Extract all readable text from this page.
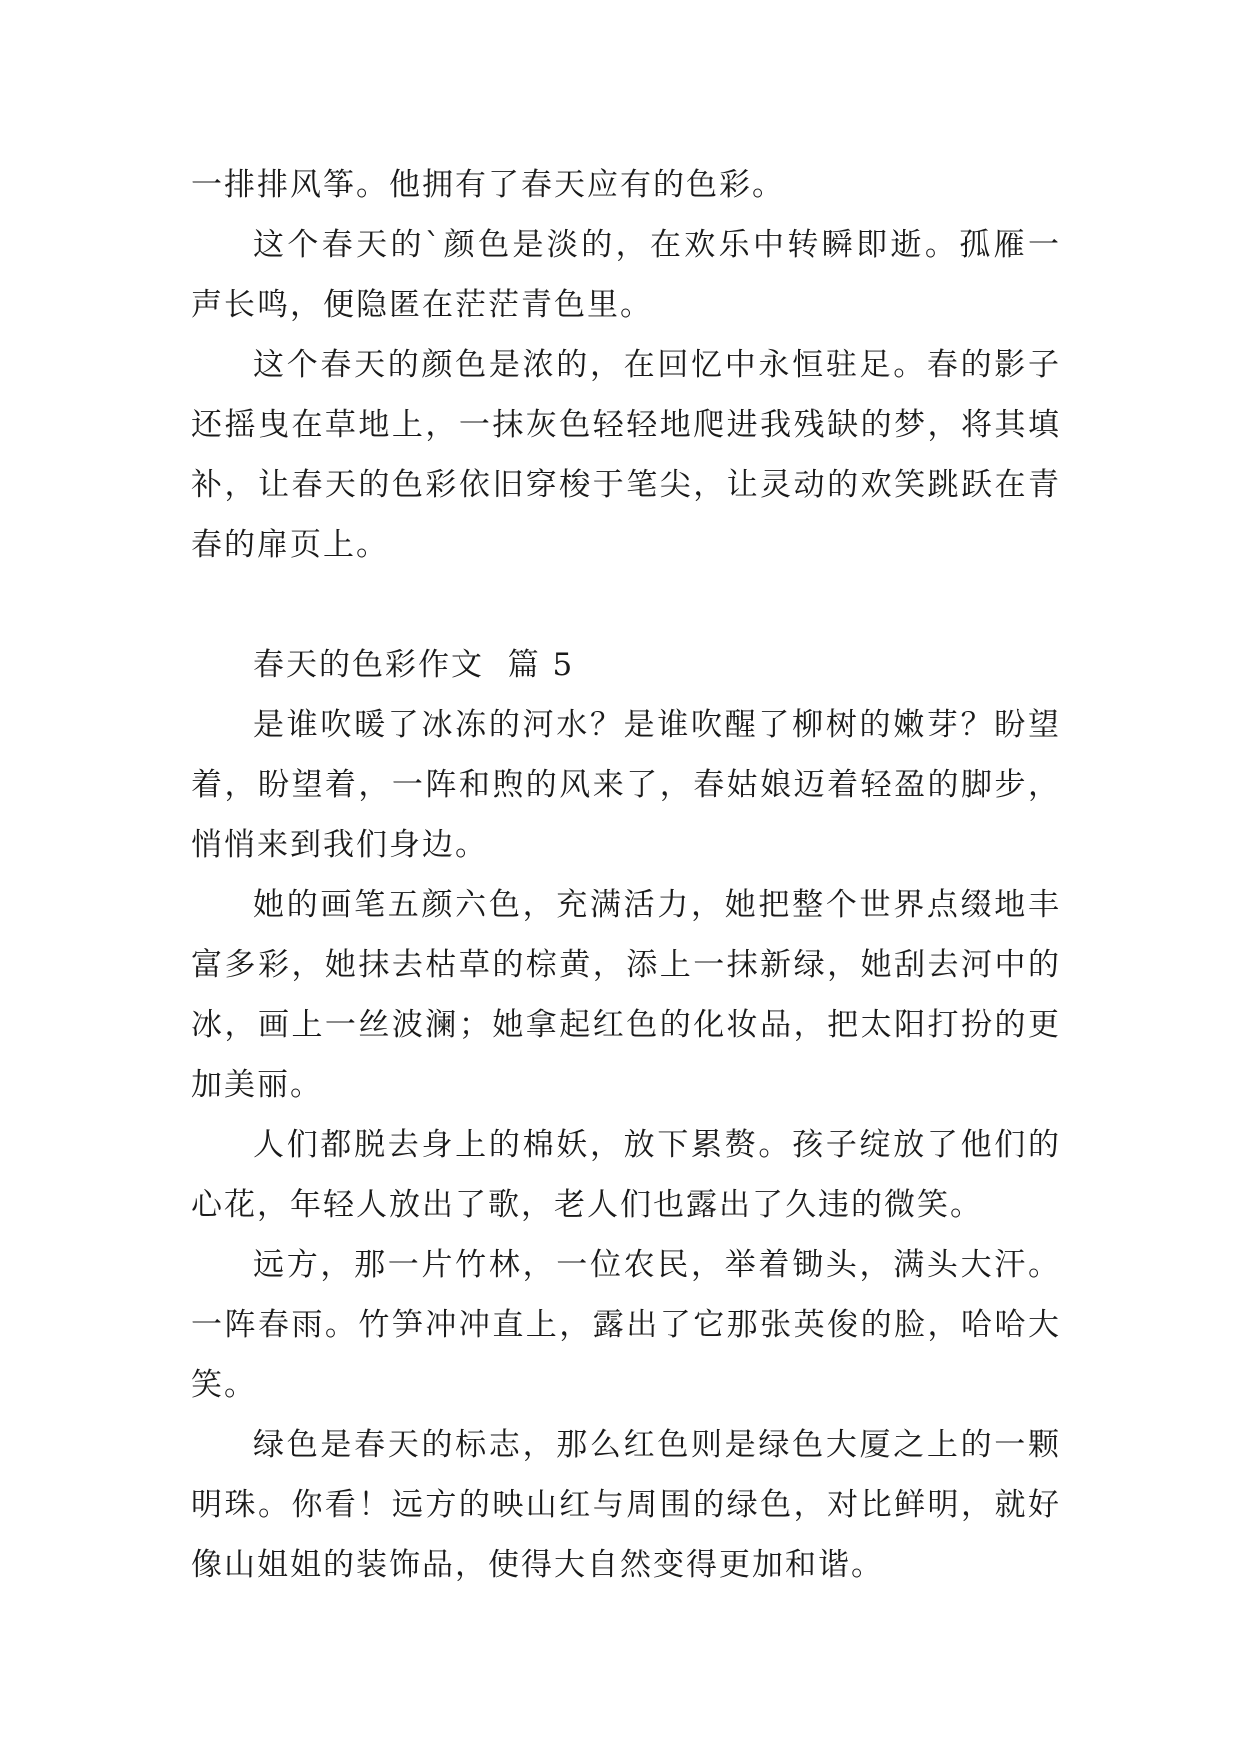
一排排风筝。他拥有了春天应有的色彩。

这个春天的`颜色是淡的，在欢乐中转瞬即逝。孤雁一声长鸣，便隐匿在茫茫青色里。

这个春天的颜色是浓的，在回忆中永恒驻足。春的影子还摇曳在草地上，一抹灰色轻轻地爬进我残缺的梦，将其填补，让春天的色彩依旧穿梭于笔尖，让灵动的欢笑跳跃在青春的扉页上。

春天的色彩作文  篇 5

是谁吹暖了冰冻的河水？是谁吹醒了柳树的嫩芽？盼望着，盼望着，一阵和煦的风来了，春姑娘迈着轻盈的脚步，悄悄来到我们身边。

她的画笔五颜六色，充满活力，她把整个世界点缀地丰富多彩，她抹去枯草的棕黄，添上一抹新绿，她刮去河中的冰，画上一丝波澜；她拿起红色的化妆品，把太阳打扮的更加美丽。

人们都脱去身上的棉妖，放下累赘。孩子绽放了他们的心花，年轻人放出了歌，老人们也露出了久违的微笑。

远方，那一片竹林，一位农民，举着锄头，满头大汗。一阵春雨。竹笋冲冲直上，露出了它那张英俊的脸，哈哈大笑。

绿色是春天的标志，那么红色则是绿色大厦之上的一颗明珠。你看！远方的映山红与周围的绿色，对比鲜明，就好像山姐姐的装饰品，使得大自然变得更加和谐。
